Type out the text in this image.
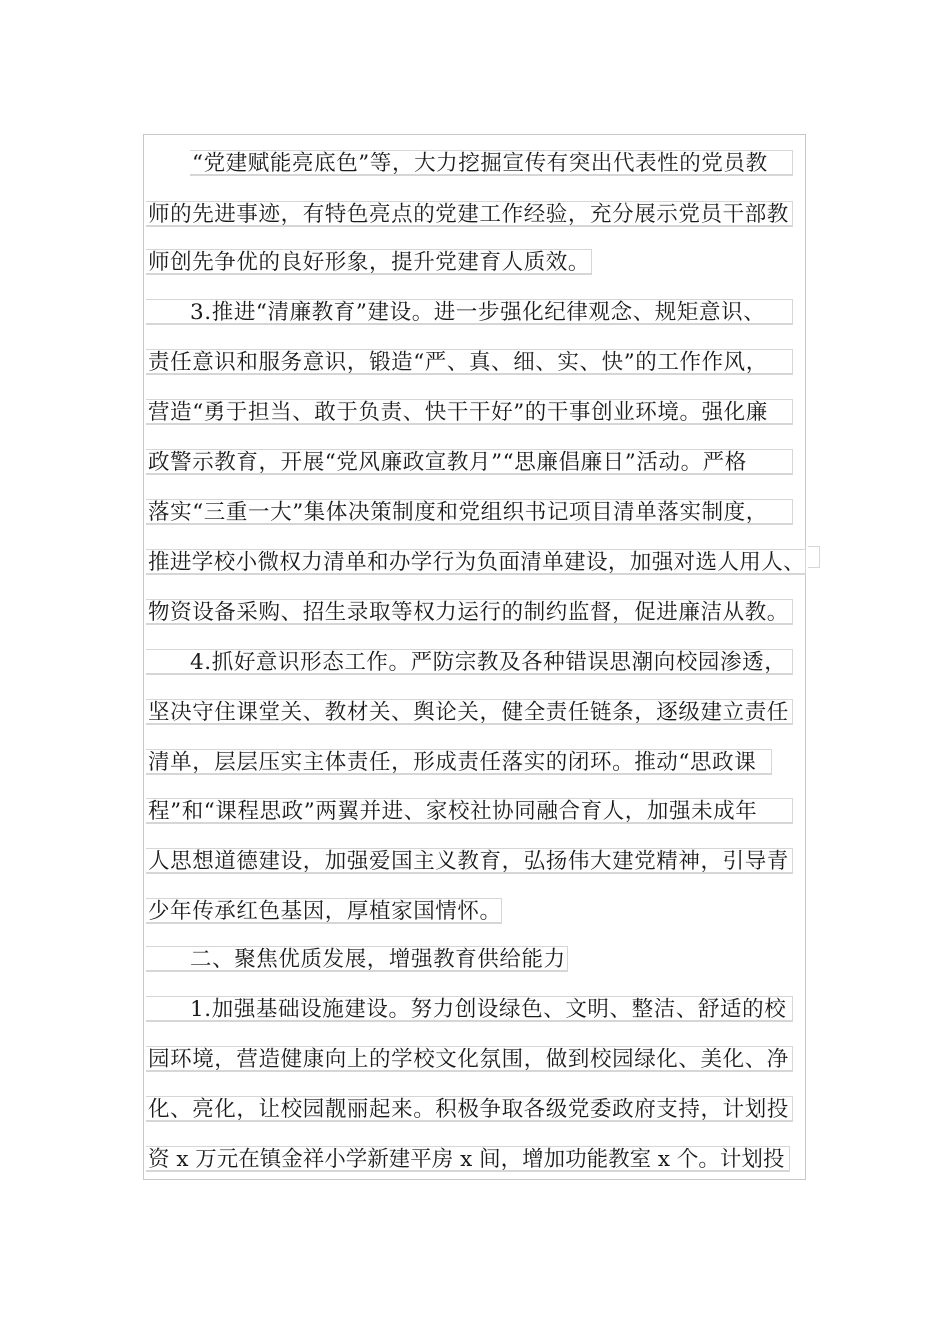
“党建赋能亮底色”等，大力挖掘宣传有突出代表性的党员教
师的先进事迹，有特色亮点的党建工作经验，充分展示党员干部教
师创先争优的良好形象，提升党建育人质效。
3.推进“清廉教育”建设。进一步强化纪律观念、规矩意识、
责任意识和服务意识，锻造“严、真、细、实、快”的工作作风，
营造“勇于担当、敢于负责、快干干好”的干事创业环境。强化廉
政警示教育，开展“党风廉政宣教月”“思廉倡廉日”活动。严格
落实“三重一大”集体决策制度和党组织书记项目清单落实制度，
推进学校小微权力清单和办学行为负面清单建设，加强对选人用人、
物资设备采购、招生录取等权力运行的制约监督，促进廉洁从教。
4.抓好意识形态工作。严防宗教及各种错误思潮向校园渗透，
坚决守住课堂关、教材关、舆论关，健全责任链条，逐级建立责任
清单，层层压实主体责任，形成责任落实的闭环。推动“思政课
程”和“课程思政”两翼并进、家校社协同融合育人，加强未成年
人思想道德建设，加强爱国主义教育，弘扬伟大建党精神，引导青
少年传承红色基因，厚植家国情怀。
二、聚焦优质发展，增强教育供给能力
1.加强基础设施建设。努力创设绿色、文明、整洁、舒适的校
园环境，营造健康向上的学校文化氛围，做到校园绿化、美化、净
化、亮化，让校园靓丽起来。积极争取各级党委政府支持，计划投
资 x 万元在镇金祥小学新建平房 x 间，增加功能教室 x 个。计划投
